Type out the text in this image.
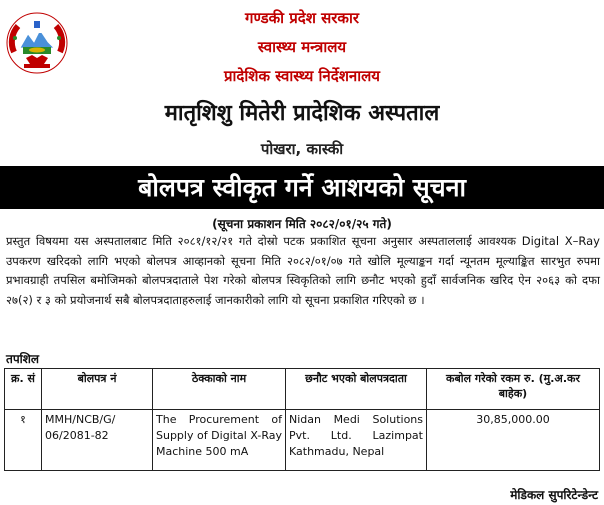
गण्डकी प्रदेश सरकार
स्वास्थ्य मन्त्रालय
प्रादेशिक स्वास्थ्य निर्देशनालय
मातृशिशु मितेरी प्रादेशिक अस्पताल
पोखरा, कास्की
बोलपत्र स्वीकृत गर्ने आशयको सूचना
(सूचना प्रकाशन मिति २०८२/०१/२५ गते)
प्रस्तुत विषयमा यस अस्पतालबाट मिति २०८१/१२/२१ गते दोस्रो पटक प्रकाशित सूचना अनुसार अस्पताललाई आवश्यक Digital X–Ray उपकरण खरिदको लागि भएको बोलपत्र आव्हानको सूचना मिति २०८२/०१/०७ गते खोलि मूल्याङ्कन गर्दा न्यूनतम मूल्याङ्कित सारभुत रुपमा प्रभावग्राही तपसिल बमोजिमको बोलपत्रदाताले पेश गरेको बोलपत्र स्विकृतिको लागि छनौट भएकोे हुदाँ सार्वजनिक खरिद ऐन २०६३ को दफा २७(२) र ३ को प्रयोजनार्थ सबै बोलपत्रदाताहरुलाई जानकारीको लागि यो सूचना प्रकाशित गरिएको छ ।
तपशिल
क्र. सं	बोलपत्र नं	ठेक्काको नाम	छनौट भएको बोलपत्रदाता	कबोल गरेको रकम रु. (मु.अ.कर बाहेक)
१	MMH/NCB/G/ 06/2081-82	The Procurement of Supply of Digital X-Ray Machine 500 mA	Nidan Medi Solutions Pvt. Ltd. Lazimpat Kathmadu, Nepal	30,85,000.00
मेडिकल सुपरिटेन्डेन्ट
